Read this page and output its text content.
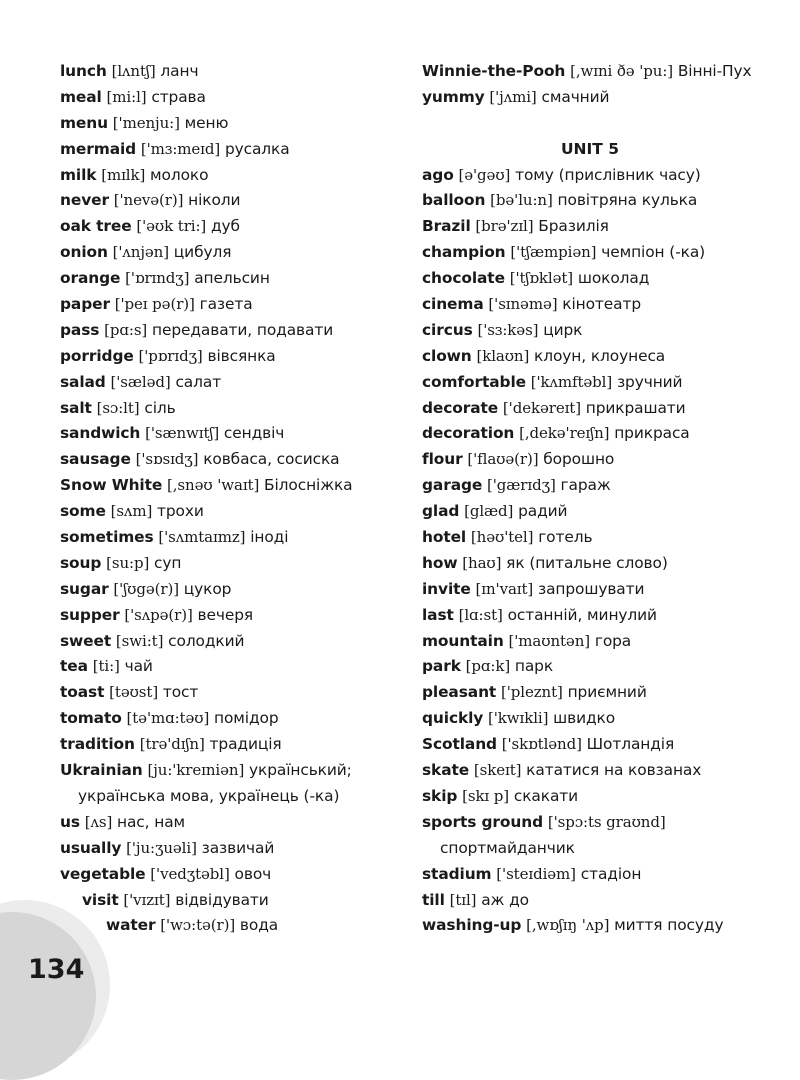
134
lunch [lʌntʃ] ланч
meal [mi:l] страва
menu ['menju:] меню
mermaid ['mɜ:meɪd] русалка
milk [mɪlk] молоко
never ['nevə(r)] ніколи
oak tree ['əʊk tri:] дуб
onion ['ʌnjən] цибуля
orange ['ɒrɪndʒ] апельсин
paper ['peɪ pə(r)] газета
pass [pɑ:s] передавати, подавати
porridge ['pɒrɪdʒ] вівсянка
salad ['sæləd] салат
salt [sɔ:lt] сіль
sandwich ['sænwɪtʃ] сендвіч
sausage ['sɒsɪdʒ] ковбаса, сосиска
Snow White [,snəʊ 'waɪt] Білосніжка
some [sʌm] трохи
sometimes ['sʌmtaɪmz] іноді
soup [su:p] суп
sugar ['ʃʊgə(r)] цукор
supper ['sʌpə(r)] вечеря
sweet [swi:t] солодкий
tea [ti:] чай
toast [təʊst] тост
tomato [tə'mɑ:təʊ] помідор
tradition [trə'dɪʃn] традиція
Ukrainian [ju:'kreɪniən] український;
українська мова, українець (-ка)
us [ʌs] нас, нам
usually ['ju:ʒuəli] зазвичай
vegetable ['vedʒtəbl] овоч
visit ['vɪzɪt] відвідувати
water ['wɔ:tə(r)] вода
Winnie-the-Pooh [,wɪni ðə 'pu:] Вінні-Пух
yummy ['jʌmi] смачний
UNIT 5
ago [ə'gəʊ] тому (прислівник часу)
balloon [bə'lu:n] повітряна кулька
Brazil [brə'zɪl] Бразилія
champion ['tʃæmpiən] чемпіон (-ка)
chocolate ['tʃɒklət] шоколад
cinema ['sɪnəmə] кінотеатр
circus ['sɜ:kəs] цирк
clown [klaʊn] клоун, клоунеса
comfortable ['kʌmftəbl] зручний
decorate ['dekəreɪt] прикрашати
decoration [,dekə'reɪʃn] прикраса
flour ['flaʊə(r)] борошно
garage ['gærɪdʒ] гараж
glad [glæd] радий
hotel [həʊ'tel] готель
how [haʊ] як (питальне слово)
invite [ɪn'vaɪt] запрошувати
last [lɑ:st] останній, минулий
mountain ['maʊntən] гора
park [pɑ:k] парк
pleasant ['pleznt] приємний
quickly ['kwɪkli] швидко
Scotland ['skɒtlənd] Шотландія
skate [skeɪt] кататися на ковзанах
skip [skɪ p] скакати
sports ground ['spɔ:ts graʊnd]
спортмайданчик
stadium ['steɪdiəm] стадіон
till [tɪl] аж до
washing-up [,wɒʃɪŋ 'ʌp] миття посуду
